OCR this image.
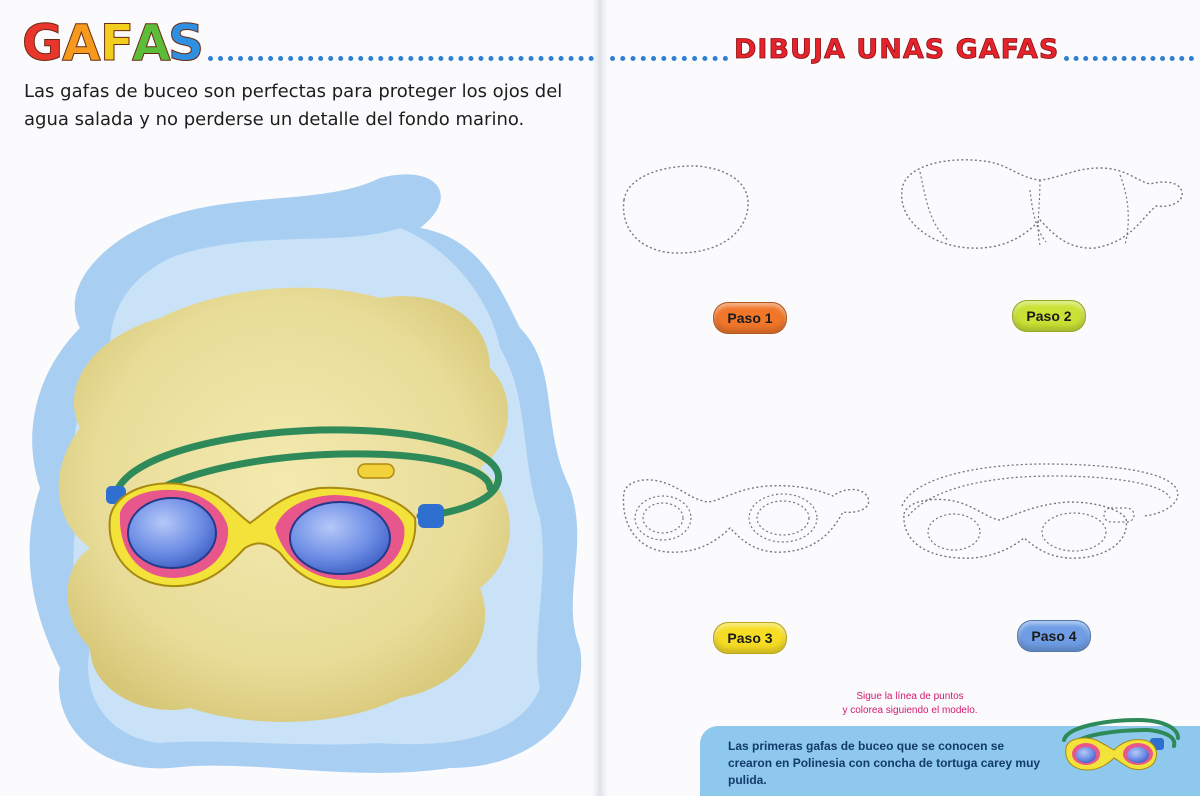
G
A F
A
S
Las gafas de buceo son perfectas para proteger los ojos del agua salada y no perderse un detalle del fondo marino.
DIBUJA UNAS GAFAS
Paso 1	Paso 2
Paso 3	Paso 4
Sigue la línea de puntos
y colorea siguiendo el modelo.
Las primeras gafas de buceo que se conocen se crearon en Polinesia con concha de tortuga carey muy pulida.
